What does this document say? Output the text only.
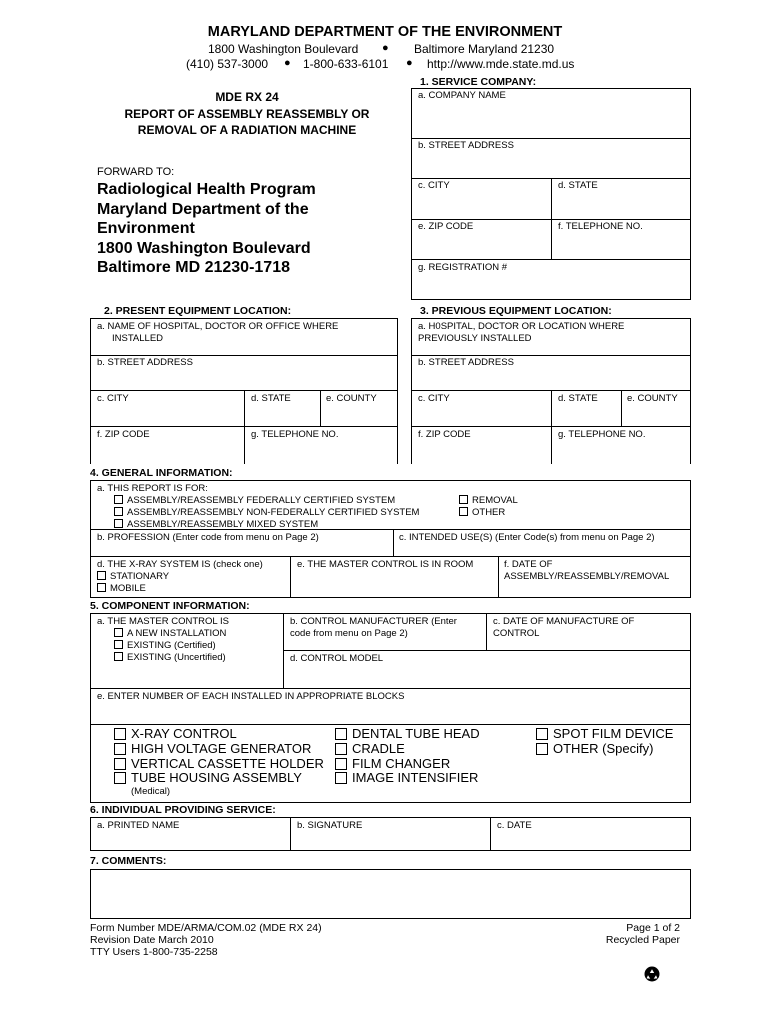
MARYLAND DEPARTMENT OF THE ENVIRONMENT
1800 Washington Boulevard ● Baltimore Maryland 21230
(410) 537-3000 ● 1-800-633-6101 ● http://www.mde.state.md.us
MDE RX 24
REPORT OF ASSEMBLY REASSEMBLY OR
REMOVAL OF A RADIATION MACHINE
FORWARD TO:
Radiological Health Program
Maryland Department of the
Environment
1800 Washington Boulevard
Baltimore MD 21230-1718
1. SERVICE COMPANY:
a. COMPANY NAME
b. STREET ADDRESS
c. CITY	d. STATE
e. ZIP CODE	f. TELEPHONE NO.
g. REGISTRATION #
2. PRESENT EQUIPMENT LOCATION:	3. PREVIOUS EQUIPMENT LOCATION:
a. NAME OF HOSPITAL, DOCTOR OR OFFICE WHERE
INSTALLED
b. STREET ADDRESS
c. CITY	d. STATE	e. COUNTY
f. ZIP CODE	g. TELEPHONE NO.
a. H0SPITAL, DOCTOR OR LOCATION WHERE
PREVIOUSLY INSTALLED
b. STREET ADDRESS
c. CITY	d. STATE	e. COUNTY
f. ZIP CODE	g. TELEPHONE NO.
4. GENERAL INFORMATION:
a. THIS REPORT IS FOR:
ASSEMBLY/REASSEMBLY FEDERALLY CERTIFIED SYSTEM
ASSEMBLY/REASSEMBLY NON-FEDERALLY CERTIFIED SYSTEM
ASSEMBLY/REASSEMBLY MIXED SYSTEM
REMOVAL
OTHER
b. PROFESSION (Enter code from menu on Page 2)	c. INTENDED USE(S) (Enter Code(s) from menu on Page 2)
d. THE X-RAY SYSTEM IS (check one)
STATIONARY
MOBILE
e. THE MASTER CONTROL IS IN ROOM	f. DATE OF
ASSEMBLY/REASSEMBLY/REMOVAL
5. COMPONENT INFORMATION:
a. THE MASTER CONTROL IS
A NEW INSTALLATION
EXISTING (Certified)
EXISTING (Uncertified)
b. CONTROL MANUFACTURER (Enter
code from menu on Page 2)
c. DATE OF MANUFACTURE OF
CONTROL
d. CONTROL MODEL
e. ENTER NUMBER OF EACH INSTALLED IN APPROPRIATE BLOCKS
X-RAY CONTROL
HIGH VOLTAGE GENERATOR
VERTICAL CASSETTE HOLDER
TUBE HOUSING ASSEMBLY
(Medical)
DENTAL TUBE HEAD
CRADLE
FILM CHANGER
IMAGE INTENSIFIER
SPOT FILM DEVICE
OTHER (Specify)
6. INDIVIDUAL PROVIDING SERVICE:
a. PRINTED NAME	b. SIGNATURE	c. DATE
7. COMMENTS:
Form Number MDE/ARMA/COM.02 (MDE RX 24)
Revision Date March 2010
TTY Users 1-800-735-2258
Page 1 of 2
Recycled Paper
